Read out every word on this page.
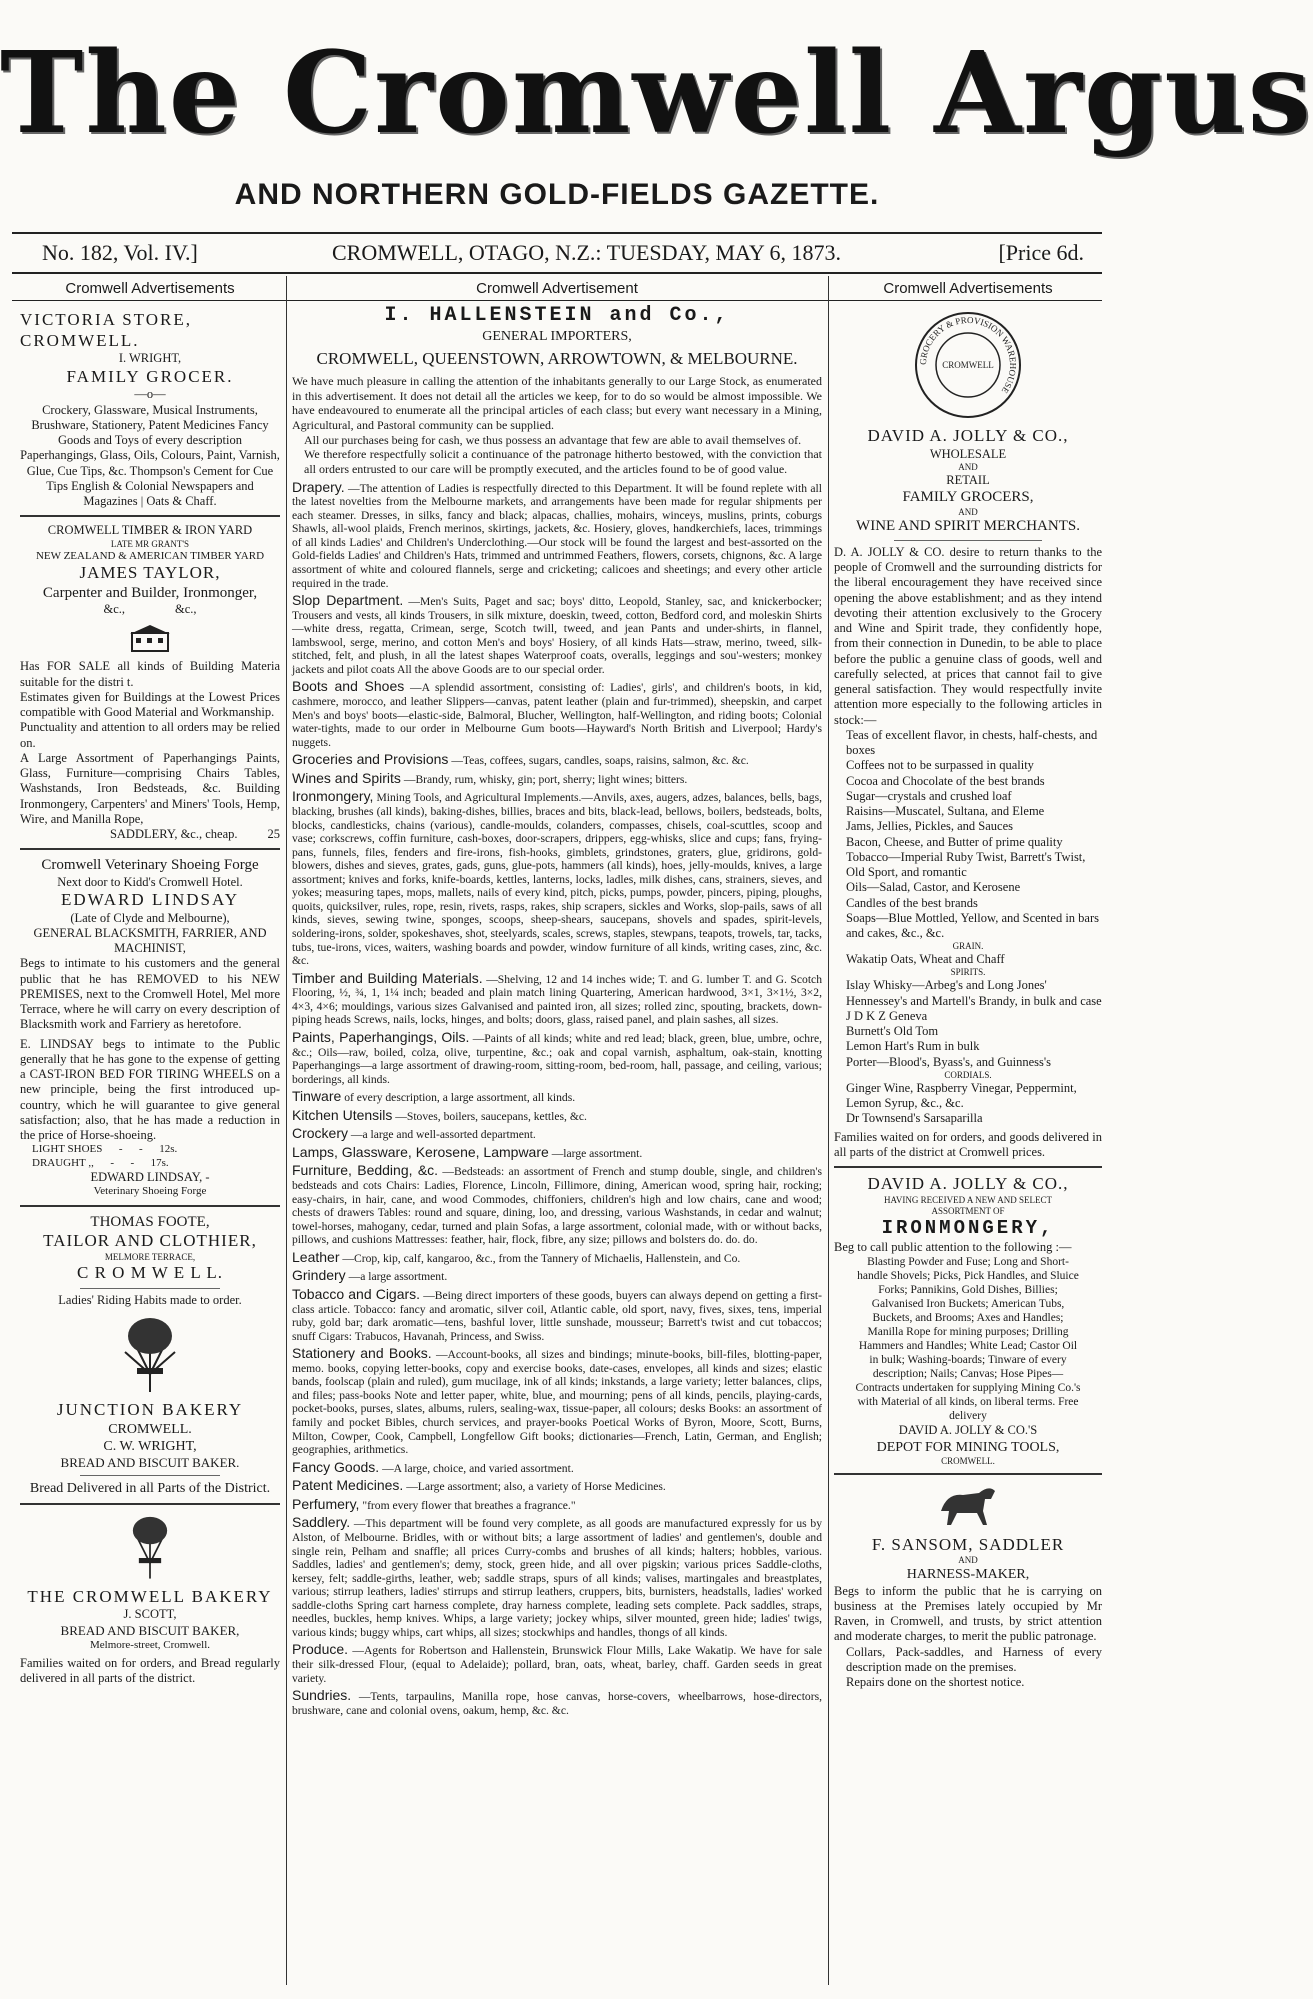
The Cromwell Argus
AND NORTHERN GOLD-FIELDS GAZETTE.
No. 182, Vol. IV.]	CROMWELL, OTAGO, N.Z.: TUESDAY, MAY 6, 1873.	[Price 6d.
Cromwell Advertisements	Cromwell Advertisement	Cromwell Advertisements
VICTORIA STORE, CROMWELL.
I. WRIGHT,
FAMILY GROCER.
—o—
Crockery, Glassware, Musical Instruments, Brushware, Stationery, Patent Medicines Fancy Goods and Toys of every description Paperhangings, Glass, Oils, Colours, Paint, Varnish, Glue, Cue Tips, &c. Thompson's Cement for Cue Tips English & Colonial Newspapers and Magazines | Oats & Chaff.
CROMWELL TIMBER & IRON YARD
LATE MR GRANT'S
NEW ZEALAND & AMERICAN TIMBER YARD
JAMES TAYLOR,
Carpenter and Builder, Ironmonger,
&c.,                &c.,
Has FOR SALE all kinds of Building Materia suitable for the distri t.
Estimates given for Buildings at the Lowest Prices compatible with Good Material and Workmanship.
Punctuality and attention to all orders may be relied on.
A Large Assortment of Paperhangings Paints, Glass, Furniture—comprising Chairs Tables, Washstands, Iron Bedsteads, &c. Building Ironmongery, Carpenters' and Miners' Tools, Hemp, Wire, and Manilla Rope,
SADDLERY, &c., cheap. 25
Cromwell Veterinary Shoeing Forge
Next door to Kidd's Cromwell Hotel.
EDWARD LINDSAY
(Late of Clyde and Melbourne),
GENERAL BLACKSMITH, FARRIER, AND MACHINIST,
Begs to intimate to his customers and the general public that he has REMOVED to his NEW PREMISES, next to the Cromwell Hotel, Mel more Terrace, where he will carry on every description of Blacksmith work and Farriery as heretofore.
E. LINDSAY begs to intimate to the Public generally that he has gone to the expense of getting a CAST-IRON BED FOR TIRING WHEELS on a new principle, being the first introduced up-country, which he will guarantee to give general satisfaction; also, that he has made a reduction in the price of Horse-shoeing.
LIGHT SHOES      -      -      12s.
DRAUGHT ,,      -      -      17s.
EDWARD LINDSAY, -
Veterinary Shoeing Forge
THOMAS FOOTE,
TAILOR AND CLOTHIER,
MELMORE TERRACE,
C R O M W E L L.
Ladies' Riding Habits made to order.
JUNCTION BAKERY
CROMWELL.
C. W. WRIGHT,
BREAD AND BISCUIT BAKER.
Bread Delivered in all Parts of the District.
THE CROMWELL BAKERY
J. SCOTT,
BREAD AND BISCUIT BAKER,
Melmore-street, Cromwell.
Families waited on for orders, and Bread regularly delivered in all parts of the district.
I. HALLENSTEIN and Co.,
GENERAL IMPORTERS,
CROMWELL, QUEENSTOWN, ARROWTOWN, & MELBOURNE.
We have much pleasure in calling the attention of the inhabitants generally to our Large Stock, as enumerated in this advertisement. It does not detail all the articles we keep, for to do so would be almost impossible. We have endeavoured to enumerate all the principal articles of each class; but every want necessary in a Mining, Agricultural, and Pastoral community can be supplied.
All our purchases being for cash, we thus possess an advantage that few are able to avail themselves of.
We therefore respectfully solicit a continuance of the patronage hitherto bestowed, with the conviction that all orders entrusted to our care will be promptly executed, and the articles found to be of good value.
Drapery. —The attention of Ladies is respectfully directed to this Department. It will be found replete with all the latest novelties from the Melbourne markets, and arrangements have been made for regular shipments per each steamer. Dresses, in silks, fancy and black; alpacas, challies, mohairs, winceys, muslins, prints, coburgs Shawls, all-wool plaids, French merinos, skirtings, jackets, &c. Hosiery, gloves, handkerchiefs, laces, trimmings of all kinds Ladies' and Children's Underclothing.—Our stock will be found the largest and best-assorted on the Gold-fields Ladies' and Children's Hats, trimmed and untrimmed Feathers, flowers, corsets, chignons, &c. A large assortment of white and coloured flannels, serge and cricketing; calicoes and sheetings; and every other article required in the trade.
Slop Department. —Men's Suits, Paget and sac; boys' ditto, Leopold, Stanley, sac, and knickerbocker; Trousers and vests, all kinds Trousers, in silk mixture, doeskin, tweed, cotton, Bedford cord, and moleskin Shirts—white dress, regatta, Crimean, serge, Scotch twill, tweed, and jean Pants and under-shirts, in flannel, lambswool, serge, merino, and cotton Men's and boys' Hosiery, of all kinds Hats—straw, merino, tweed, silk-stitched, felt, and plush, in all the latest shapes Waterproof coats, overalls, leggings and sou'-westers; monkey jackets and pilot coats All the above Goods are to our special order.
Boots and Shoes —A splendid assortment, consisting of: Ladies', girls', and children's boots, in kid, cashmere, morocco, and leather Slippers—canvas, patent leather (plain and fur-trimmed), sheepskin, and carpet Men's and boys' boots—elastic-side, Balmoral, Blucher, Wellington, half-Wellington, and riding boots; Colonial water-tights, made to our order in Melbourne Gum boots—Hayward's North British and Liverpool; Hardy's nuggets.
Groceries and Provisions —Teas, coffees, sugars, candles, soaps, raisins, salmon, &c. &c.
Wines and Spirits —Brandy, rum, whisky, gin; port, sherry; light wines; bitters.
Ironmongery, Mining Tools, and Agricultural Implements.—Anvils, axes, augers, adzes, balances, bells, bags, blacking, brushes (all kinds), baking-dishes, billies, braces and bits, black-lead, bellows, boilers, bedsteads, bolts, blocks, candlesticks, chains (various), candle-moulds, colanders, compasses, chisels, coal-scuttles, scoop and vase; corkscrews, coffin furniture, cash-boxes, door-scrapers, drippers, egg-whisks, slice and cups; fans, frying-pans, funnels, files, fenders and fire-irons, fish-hooks, gimblets, grindstones, graters, glue, gridirons, gold-blowers, dishes and sieves, grates, gads, guns, glue-pots, hammers (all kinds), hoes, jelly-moulds, knives, a large assortment; knives and forks, knife-boards, kettles, lanterns, locks, ladles, milk dishes, cans, strainers, sieves, and yokes; measuring tapes, mops, mallets, nails of every kind, pitch, picks, pumps, powder, pincers, piping, ploughs, quoits, quicksilver, rules, rope, resin, rivets, rasps, rakes, ship scrapers, sickles and Works, slop-pails, saws of all kinds, sieves, sewing twine, sponges, scoops, sheep-shears, saucepans, shovels and spades, spirit-levels, soldering-irons, solder, spokeshaves, shot, steelyards, scales, screws, staples, stewpans, teapots, trowels, tar, tacks, tubs, tue-irons, vices, waiters, washing boards and powder, window furniture of all kinds, writing cases, zinc, &c. &c.
Timber and Building Materials. —Shelving, 12 and 14 inches wide; T. and G. lumber T. and G. Scotch Flooring, ½, ¾, 1, 1¼ inch; beaded and plain match lining Quartering, American hardwood, 3×1, 3×1½, 3×2, 4×3, 4×6; mouldings, various sizes Galvanised and painted iron, all sizes; rolled zinc, spouting, brackets, down-piping heads Screws, nails, locks, hinges, and bolts; doors, glass, raised panel, and plain sashes, all sizes.
Paints, Paperhangings, Oils. —Paints of all kinds; white and red lead; black, green, blue, umbre, ochre, &c.; Oils—raw, boiled, colza, olive, turpentine, &c.; oak and copal varnish, asphaltum, oak-stain, knotting Paperhangings—a large assortment of drawing-room, sitting-room, bed-room, hall, passage, and ceiling, various; borderings, all kinds.
Tinware of every description, a large assortment, all kinds.
Kitchen Utensils —Stoves, boilers, saucepans, kettles, &c.
Crockery —a large and well-assorted department.
Lamps, Glassware, Kerosene, Lampware —large assortment.
Furniture, Bedding, &c. —Bedsteads: an assortment of French and stump double, single, and children's bedsteads and cots Chairs: Ladies, Florence, Lincoln, Fillimore, dining, American wood, spring hair, rocking; easy-chairs, in hair, cane, and wood Commodes, chiffoniers, children's high and low chairs, cane and wood; chests of drawers Tables: round and square, dining, loo, and dressing, various Washstands, in cedar and walnut; towel-horses, mahogany, cedar, turned and plain Sofas, a large assortment, colonial made, with or without backs, pillows, and cushions Mattresses: feather, hair, flock, fibre, any size; pillows and bolsters do. do. do.
Leather —Crop, kip, calf, kangaroo, &c., from the Tannery of Michaelis, Hallenstein, and Co.
Grindery —a large assortment.
Tobacco and Cigars. —Being direct importers of these goods, buyers can always depend on getting a first-class article. Tobacco: fancy and aromatic, silver coil, Atlantic cable, old sport, navy, fives, sixes, tens, imperial ruby, gold bar; dark aromatic—tens, bashful lover, little sunshade, mousseur; Barrett's twist and cut tobaccos; snuff Cigars: Trabucos, Havanah, Princess, and Swiss.
Stationery and Books. —Account-books, all sizes and bindings; minute-books, bill-files, blotting-paper, memo. books, copying letter-books, copy and exercise books, date-cases, envelopes, all kinds and sizes; elastic bands, foolscap (plain and ruled), gum mucilage, ink of all kinds; inkstands, a large variety; letter balances, clips, and files; pass-books Note and letter paper, white, blue, and mourning; pens of all kinds, pencils, playing-cards, pocket-books, purses, slates, albums, rulers, sealing-wax, tissue-paper, all colours; desks Books: an assortment of family and pocket Bibles, church services, and prayer-books Poetical Works of Byron, Moore, Scott, Burns, Milton, Cowper, Cook, Campbell, Longfellow Gift books; dictionaries—French, Latin, German, and English; geographies, arithmetics.
Fancy Goods. —A large, choice, and varied assortment.
Patent Medicines. —Large assortment; also, a variety of Horse Medicines.
Perfumery, "from every flower that breathes a fragrance."
Saddlery. —This department will be found very complete, as all goods are manufactured expressly for us by Alston, of Melbourne. Bridles, with or without bits; a large assortment of ladies' and gentlemen's, double and single rein, Pelham and snaffle; all prices Curry-combs and brushes of all kinds; halters; hobbles, various. Saddles, ladies' and gentlemen's; demy, stock, green hide, and all over pigskin; various prices Saddle-cloths, kersey, felt; saddle-girths, leather, web; saddle straps, spurs of all kinds; valises, martingales and breastplates, various; stirrup leathers, ladies' stirrups and stirrup leathers, cruppers, bits, burnisters, headstalls, ladies' worked saddle-cloths Spring cart harness complete, dray harness complete, leading sets complete. Pack saddles, straps, needles, buckles, hemp knives. Whips, a large variety; jockey whips, silver mounted, green hide; ladies' twigs, various kinds; buggy whips, cart whips, all sizes; stockwhips and handles, thongs of all kinds.
Produce. —Agents for Robertson and Hallenstein, Brunswick Flour Mills, Lake Wakatip. We have for sale their silk-dressed Flour, (equal to Adelaide); pollard, bran, oats, wheat, barley, chaff. Garden seeds in great variety.
Sundries. —Tents, tarpaulins, Manilla rope, hose canvas, horse-covers, wheelbarrows, hose-directors, brushware, cane and colonial ovens, oakum, hemp, &c. &c.
GROCERY & PROVISION WAREHOUSE
CROMWELL
DAVID A. JOLLY & CO.,
WHOLESALE
AND
RETAIL
FAMILY GROCERS,
AND
WINE AND SPIRIT MERCHANTS.
D. A. JOLLY & CO. desire to return thanks to the people of Cromwell and the surrounding districts for the liberal encouragement they have received since opening the above establishment; and as they intend devoting their attention exclusively to the Grocery and Wine and Spirit trade, they confidently hope, from their connection in Dunedin, to be able to place before the public a genuine class of goods, well and carefully selected, at prices that cannot fail to give general satisfaction. They would respectfully invite attention more especially to the following articles in stock:—
Teas of excellent flavor, in chests, half-chests, and boxes
Coffees not to be surpassed in quality
Cocoa and Chocolate of the best brands
Sugar—crystals and crushed loaf
Raisins—Muscatel, Sultana, and Eleme
Jams, Jellies, Pickles, and Sauces
Bacon, Cheese, and Butter of prime quality
Tobacco—Imperial Ruby Twist, Barrett's Twist, Old Sport, and romantic
Oils—Salad, Castor, and Kerosene
Candles of the best brands
Soaps—Blue Mottled, Yellow, and Scented in bars and cakes, &c., &c.
GRAIN.
Wakatip Oats, Wheat and Chaff
SPIRITS.
Islay Whisky—Arbeg's and Long Jones'
Hennessey's and Martell's Brandy, in bulk and case
J D K Z Geneva
Burnett's Old Tom
Lemon Hart's Rum in bulk
Porter—Blood's, Byass's, and Guinness's
CORDIALS.
Ginger Wine, Raspberry Vinegar, Peppermint, Lemon Syrup, &c., &c.
Dr Townsend's Sarsaparilla
Families waited on for orders, and goods delivered in all parts of the district at Cromwell prices.
DAVID A. JOLLY & CO.,
HAVING RECEIVED A NEW AND SELECT
ASSORTMENT OF
IRONMONGERY,
Beg to call public attention to the following :—
Blasting Powder and Fuse; Long and Short-handle Shovels; Picks, Pick Handles, and Sluice Forks; Pannikins, Gold Dishes, Billies; Galvanised Iron Buckets; American Tubs, Buckets, and Brooms; Axes and Handles; Manilla Rope for mining purposes; Drilling Hammers and Handles; White Lead; Castor Oil in bulk; Washing-boards; Tinware of every description; Nails; Canvas; Hose Pipes—Contracts undertaken for supplying Mining Co.'s with Material of all kinds, on liberal terms. Free delivery
DAVID A. JOLLY & CO.'S
DEPOT FOR MINING TOOLS,
CROMWELL.
F. SANSOM, SADDLER
AND
HARNESS-MAKER,
Begs to inform the public that he is carrying on business at the Premises lately occupied by Mr Raven, in Cromwell, and trusts, by strict attention and moderate charges, to merit the public patronage.
Collars, Pack-saddles, and Harness of every description made on the premises.
Repairs done on the shortest notice.
